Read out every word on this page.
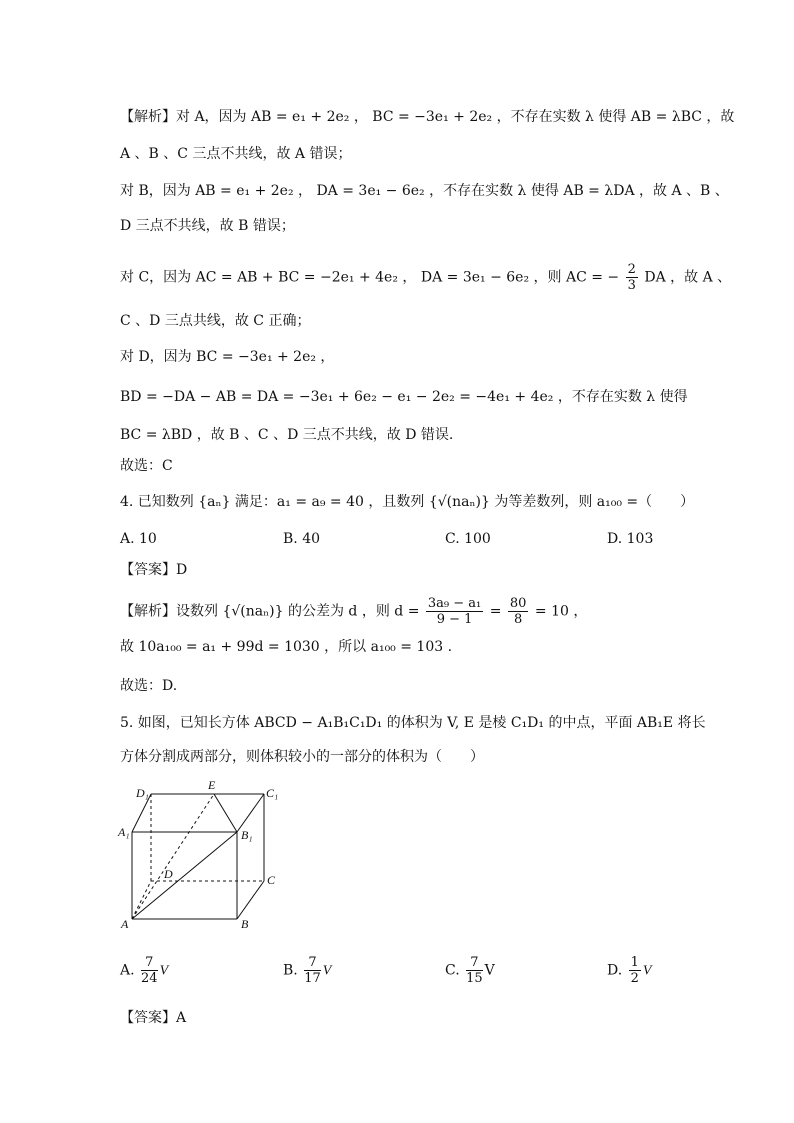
【解析】对 A，因为 AB = e₁ + 2e₂ ， BC = −3e₁ + 2e₂ ，不存在实数 λ 使得 AB = λBC ，故
A 、B 、C 三点不共线，故 A 错误；
对 B，因为 AB = e₁ + 2e₂ ， DA = 3e₁ − 6e₂ ，不存在实数 λ 使得 AB = λDA ，故 A 、B 、
D 三点不共线，故 B 错误；
对 C，因为 AC = AB + BC = −2e₁ + 4e₂ ， DA = 3e₁ − 6e₂ ，则 AC = − $\frac{2}{3}$ DA ，故 A 、
C 、D 三点共线，故 C 正确；
对 D，因为 BC = −3e₁ + 2e₂ ，
BD = −DA − AB = DA = −3e₁ + 6e₂ − e₁ − 2e₂ = −4e₁ + 4e₂ ，不存在实数 λ 使得
BC = λBD ，故 B 、C 、D 三点不共线，故 D 错误.
故选：C
4. 已知数列 {aₙ} 满足：a₁ = a₉ = 40 ，且数列 {√(naₙ)} 为等差数列，则 a₁₀₀ =（　　）
A. 10	B. 40	C. 100	D. 103
【答案】D
【解析】设数列 {√(naₙ)} 的公差为 d ，则 $d = \frac{\text{3a₉ − a₁}}{9 - 1} = \frac{80}{8} = 10$ ，
故 10a₁₀₀ = a₁ + 99d = 1030 ，所以 a₁₀₀ = 103 .
故选：D.
5. 如图，已知长方体 ABCD − A₁B₁C₁D₁ 的体积为 V, E 是棱 C₁D₁ 的中点，平面 AB₁E 将长
方体分割成两部分，则体积较小的一部分的体积为（　　）
D₁
E
C₁
A₁	B₁
D	C
A	B
A. $\frac{7}{24}$ V	B. $\frac{7}{17}$ V	C. $\frac{7}{15}$ V	D. $\frac{1}{2}$ V
【答案】A
